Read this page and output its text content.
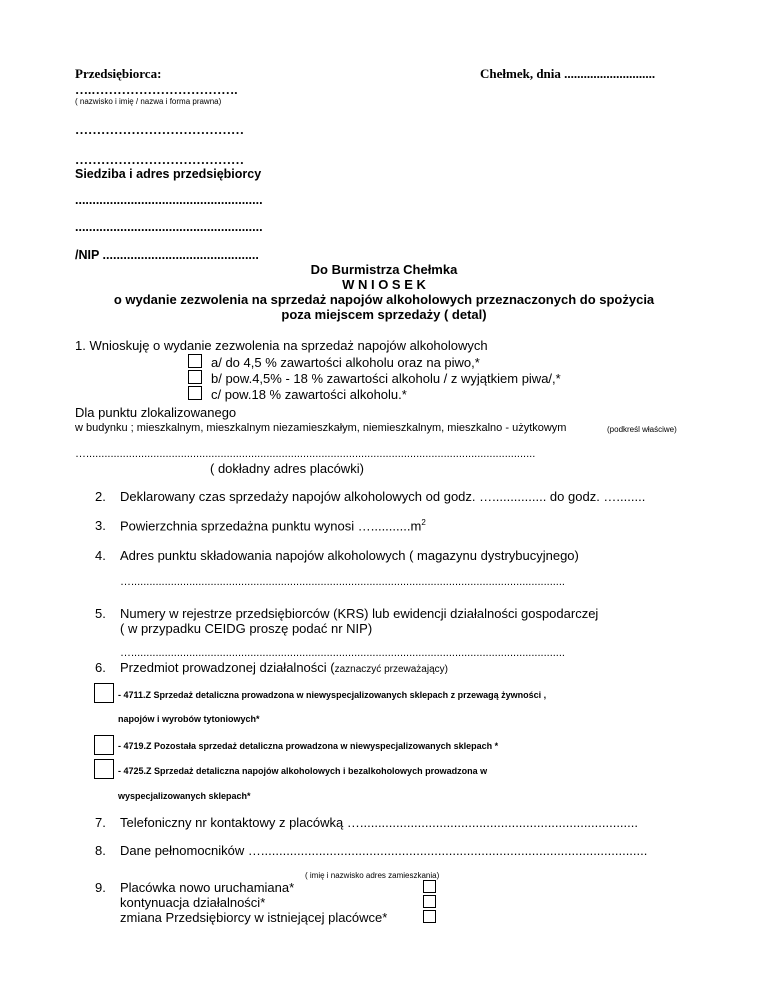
Przedsiębiorca:	Chełmek, dnia ............................
….…………………………….
( nazwisko i imię / nazwa i forma prawna)
…………………………………
…………………………………
Siedziba i adres przedsiębiorcy
......................................................
......................................................
/NIP .............................................
Do Burmistrza Chełmka
W N I O S E K
o wydanie zezwolenia na sprzedaż napojów alkoholowych przeznaczonych do spożycia
poza miejscem sprzedaży ( detal)
1. Wnioskuję o wydanie zezwolenia na sprzedaż napojów alkoholowych
a/ do 4,5 % zawartości alkoholu oraz na piwo,*
b/ pow.4,5% - 18 % zawartości alkoholu / z wyjątkiem piwa/,*
c/ pow.18 % zawartości alkoholu.*
Dla punktu zlokalizowanego
w budynku ; mieszkalnym, mieszkalnym niezamieszkałym, niemieszkalnym, mieszkalno - użytkowym	(podkreśl właściwe)
…...................................................................................................................................................
( dokładny adres placówki)
2. Deklarowany czas sprzedaży napojów alkoholowych od godz. …............... do godz. …........
3. Powierzchnia sprzedażna punktu wynosi $\dots...........m^2$
4. Adres punktu składowania napojów alkoholowych ( magazynu dystrybucyjnego)
…..............................................................................................................................................
5. Numery w rejestrze przedsiębiorców (KRS) lub ewidencji działalności gospodarczej
( w przypadku CEIDG proszę podać nr NIP)
…..............................................................................................................................................
6. Przedmiot prowadzonej działalności (zaznaczyć przeważający)
- 4711.Z Sprzedaż detaliczna prowadzona w niewyspecjalizowanych sklepach z przewagą żywności ,
napojów i wyrobów tytoniowych*
- 4719.Z Pozostała sprzedaż detaliczna prowadzona w niewyspecjalizowanych sklepach *
- 4725.Z Sprzedaż detaliczna napojów alkoholowych i bezalkoholowych prowadzona w
wyspecjalizowanych sklepach*
7. Telefoniczny nr kontaktowy z placówką ….............................................................................
8. Dane pełnomocników …...........................................................................................................
( imię i nazwisko adres zamieszkania)
9. Placówka nowo uruchamiana*
kontynuacja działalności*
zmiana Przedsiębiorcy w istniejącej placówce*
